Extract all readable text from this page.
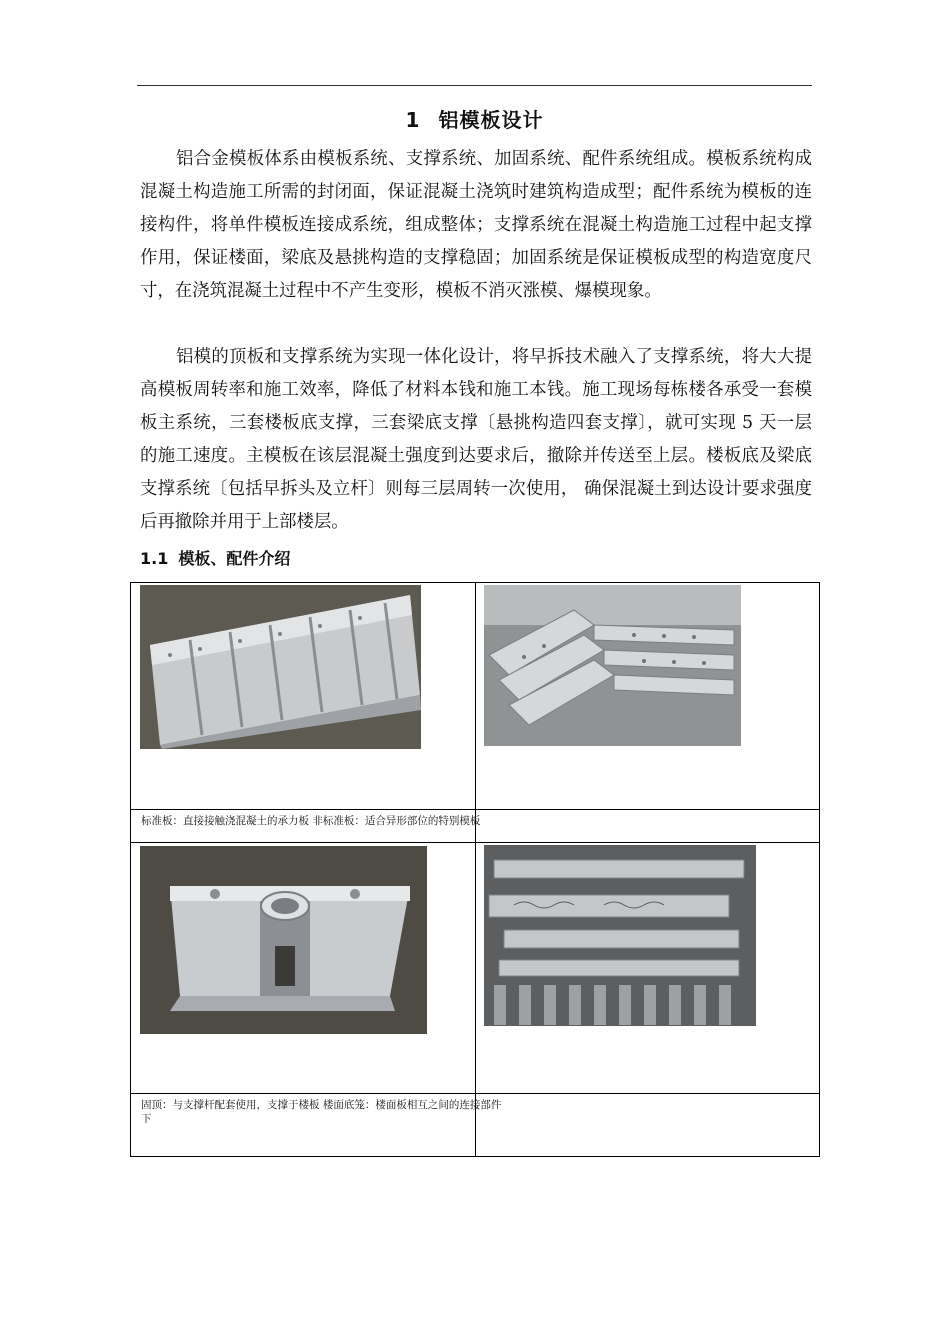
1 铝模板设计

铝合金模板体系由模板系统、支撑系统、加固系统、配件系统组成。模板系统构成混凝土构造施工所需的封闭面，保证混凝土浇筑时建筑构造成型；配件系统为模板的连接构件，将单件模板连接成系统，组成整体；支撑系统在混凝土构造施工过程中起支撑作用，保证楼面，梁底及悬挑构造的支撑稳固；加固系统是保证模板成型的构造宽度尺寸，在浇筑混凝土过程中不产生变形，模板不消灭涨模、爆模现象。

铝模的顶板和支撑系统为实现一体化设计，将早拆技术融入了支撑系统，将大大提高模板周转率和施工效率，降低了材料本钱和施工本钱。施工现场每栋楼各承受一套模板主系统，三套楼板底支撑，三套梁底支撑〔悬挑构造四套支撑〕，就可实现 5 天一层的施工速度。主模板在该层混凝土强度到达要求后，撤除并传送至上层。楼板底及梁底支撑系统〔包括早拆头及立杆〕则每三层周转一次使用， 确保混凝土到达设计要求强度后再撤除并用于上部楼层。

1.1 模板、配件介绍
标准板：直接接触浇混凝土的承力板 非标准板：适合异形部位的特别模板
固顶：与支撑杆配套使用，支撑于楼板 楼面底笼：楼面板相互之间的连接部件
下
